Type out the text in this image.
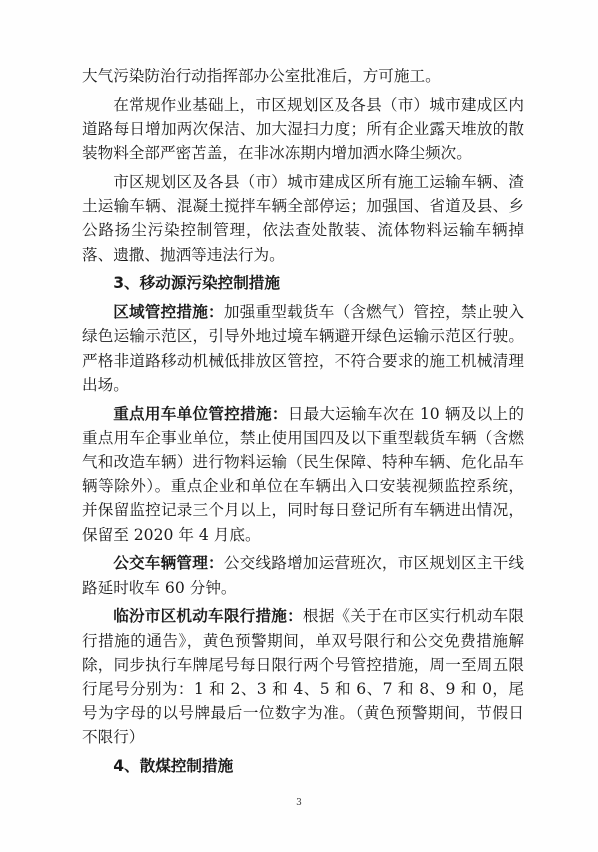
大气污染防治行动指挥部办公室批准后，方可施工。

在常规作业基础上，市区规划区及各县（市）城市建成区内道路每日增加两次保洁、加大湿扫力度；所有企业露天堆放的散装物料全部严密苫盖，在非冰冻期内增加洒水降尘频次。

市区规划区及各县（市）城市建成区所有施工运输车辆、渣土运输车辆、混凝土搅拌车辆全部停运；加强国、省道及县、乡公路扬尘污染控制管理，依法查处散装、流体物料运输车辆掉落、遗撒、抛洒等违法行为。

3、移动源污染控制措施

区域管控措施：加强重型载货车（含燃气）管控，禁止驶入绿色运输示范区，引导外地过境车辆避开绿色运输示范区行驶。严格非道路移动机械低排放区管控，不符合要求的施工机械清理出场。

重点用车单位管控措施：日最大运输车次在 10 辆及以上的重点用车企事业单位，禁止使用国四及以下重型载货车辆（含燃气和改造车辆）进行物料运输（民生保障、特种车辆、危化品车辆等除外）。重点企业和单位在车辆出入口安装视频监控系统，并保留监控记录三个月以上，同时每日登记所有车辆进出情况，保留至 2020 年 4 月底。

公交车辆管理：公交线路增加运营班次，市区规划区主干线路延时收车 60 分钟。

临汾市区机动车限行措施：根据《关于在市区实行机动车限行措施的通告》，黄色预警期间，单双号限行和公交免费措施解除，同步执行车牌尾号每日限行两个号管控措施，周一至周五限行尾号分别为：1 和 2、3 和 4、5 和 6、7 和 8、9 和 0，尾号为字母的以号牌最后一位数字为准。（黄色预警期间，节假日不限行）

4、散煤控制措施

3
